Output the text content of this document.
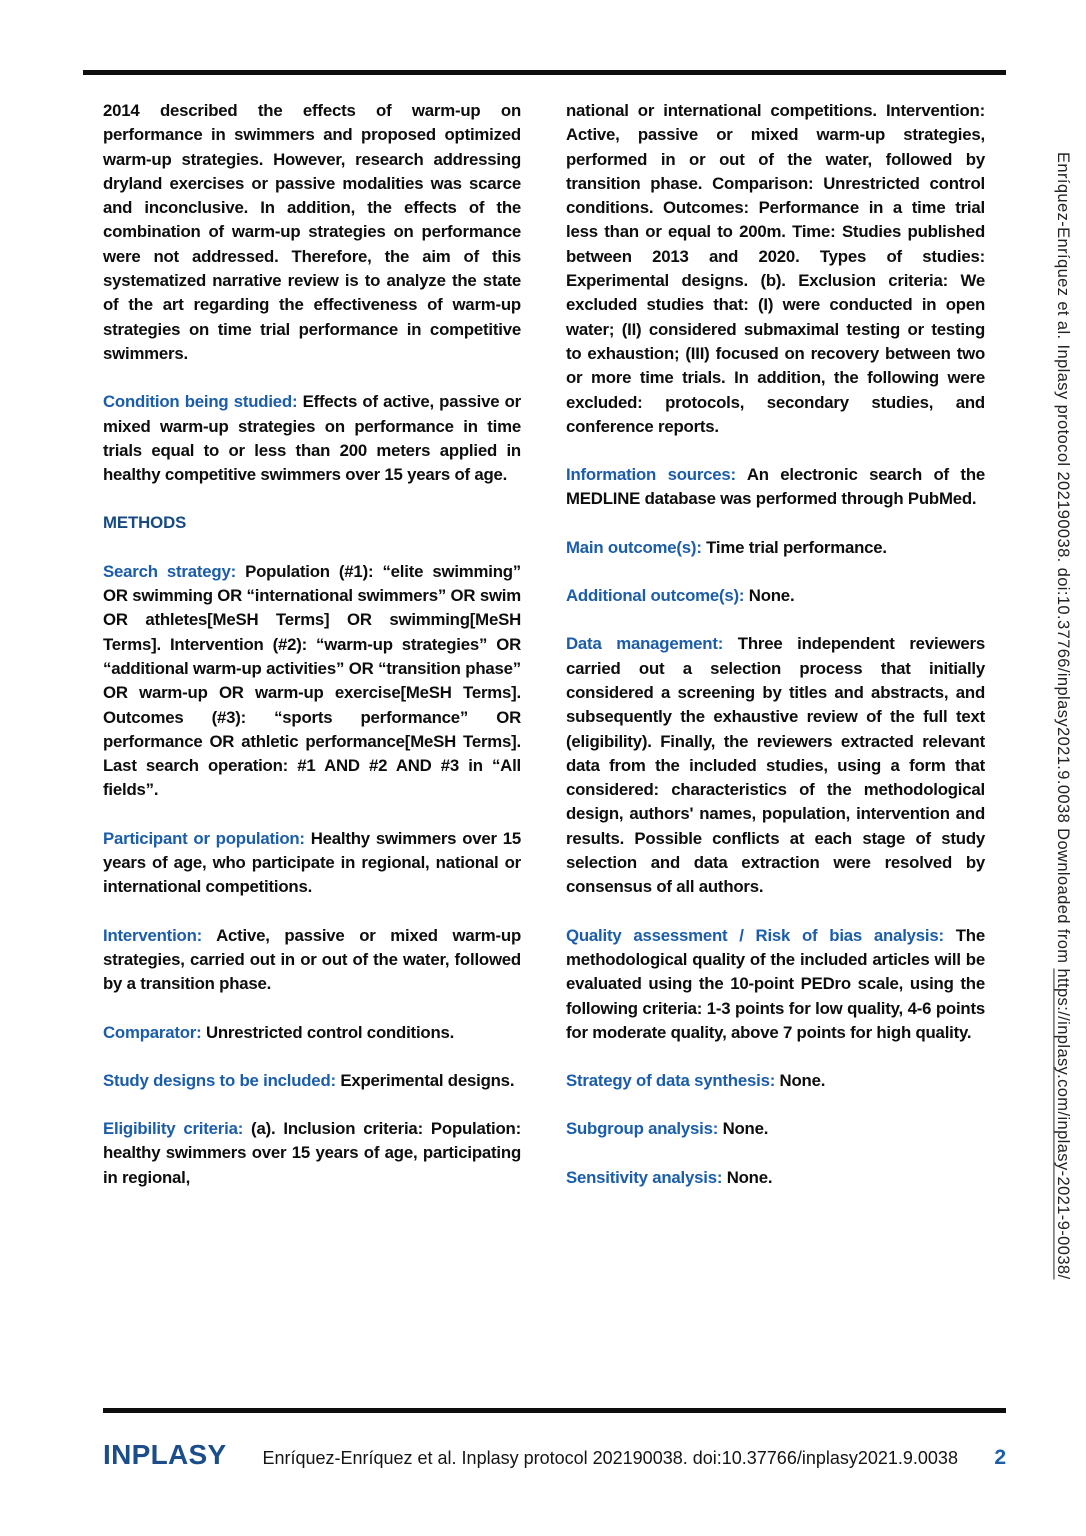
2014 described the effects of warm-up on performance in swimmers and proposed optimized warm-up strategies. However, research addressing dryland exercises or passive modalities was scarce and inconclusive. In addition, the effects of the combination of warm-up strategies on performance were not addressed. Therefore, the aim of this systematized narrative review is to analyze the state of the art regarding the effectiveness of warm-up strategies on time trial performance in competitive swimmers.

Condition being studied: Effects of active, passive or mixed warm-up strategies on performance in time trials equal to or less than 200 meters applied in healthy competitive swimmers over 15 years of age.

METHODS

Search strategy: Population (#1): “elite swimming” OR swimming OR “international swimmers” OR swim OR athletes[MeSH Terms] OR swimming[MeSH Terms]. Intervention (#2): “warm-up strategies” OR “additional warm-up activities” OR “transition phase” OR warm-up OR warm-up exercise[MeSH Terms]. Outcomes (#3): “sports performance” OR performance OR athletic performance[MeSH Terms]. Last search operation: #1 AND #2 AND #3 in “All fields”.

Participant or population: Healthy swimmers over 15 years of age, who participate in regional, national or international competitions.

Intervention: Active, passive or mixed warm-up strategies, carried out in or out of the water, followed by a transition phase.

Comparator: Unrestricted control conditions.

Study designs to be included: Experimental designs.

Eligibility criteria: (a). Inclusion criteria: Population: healthy swimmers over 15 years of age, participating in regional,

national or international competitions. Intervention: Active, passive or mixed warm-up strategies, performed in or out of the water, followed by transition phase. Comparison: Unrestricted control conditions. Outcomes: Performance in a time trial less than or equal to 200m. Time: Studies published between 2013 and 2020. Types of studies: Experimental designs. (b). Exclusion criteria: We excluded studies that: (I) were conducted in open water; (II) considered submaximal testing or testing to exhaustion; (III) focused on recovery between two or more time trials. In addition, the following were excluded: protocols, secondary studies, and conference reports.

Information sources: An electronic search of the MEDLINE database was performed through PubMed.

Main outcome(s): Time trial performance.

Additional outcome(s): None.

Data management: Three independent reviewers carried out a selection process that initially considered a screening by titles and abstracts, and subsequently the exhaustive review of the full text (eligibility). Finally, the reviewers extracted relevant data from the included studies, using a form that considered: characteristics of the methodological design, authors' names, population, intervention and results. Possible conflicts at each stage of study selection and data extraction were resolved by consensus of all authors.

Quality assessment / Risk of bias analysis: The methodological quality of the included articles will be evaluated using the 10-point PEDro scale, using the following criteria: 1-3 points for low quality, 4-6 points for moderate quality, above 7 points for high quality.

Strategy of data synthesis: None.

Subgroup analysis: None.

Sensitivity analysis: None.

Enríquez-Enríquez et al. Inplasy protocol 202190038. doi:10.37766/inplasy2021.9.0038 Downloaded from https://inplasy.com/inplasy-2021-9-0038/
INPLASY Enríquez-Enríquez et al. Inplasy protocol 202190038. doi:10.37766/inplasy2021.9.0038 2
